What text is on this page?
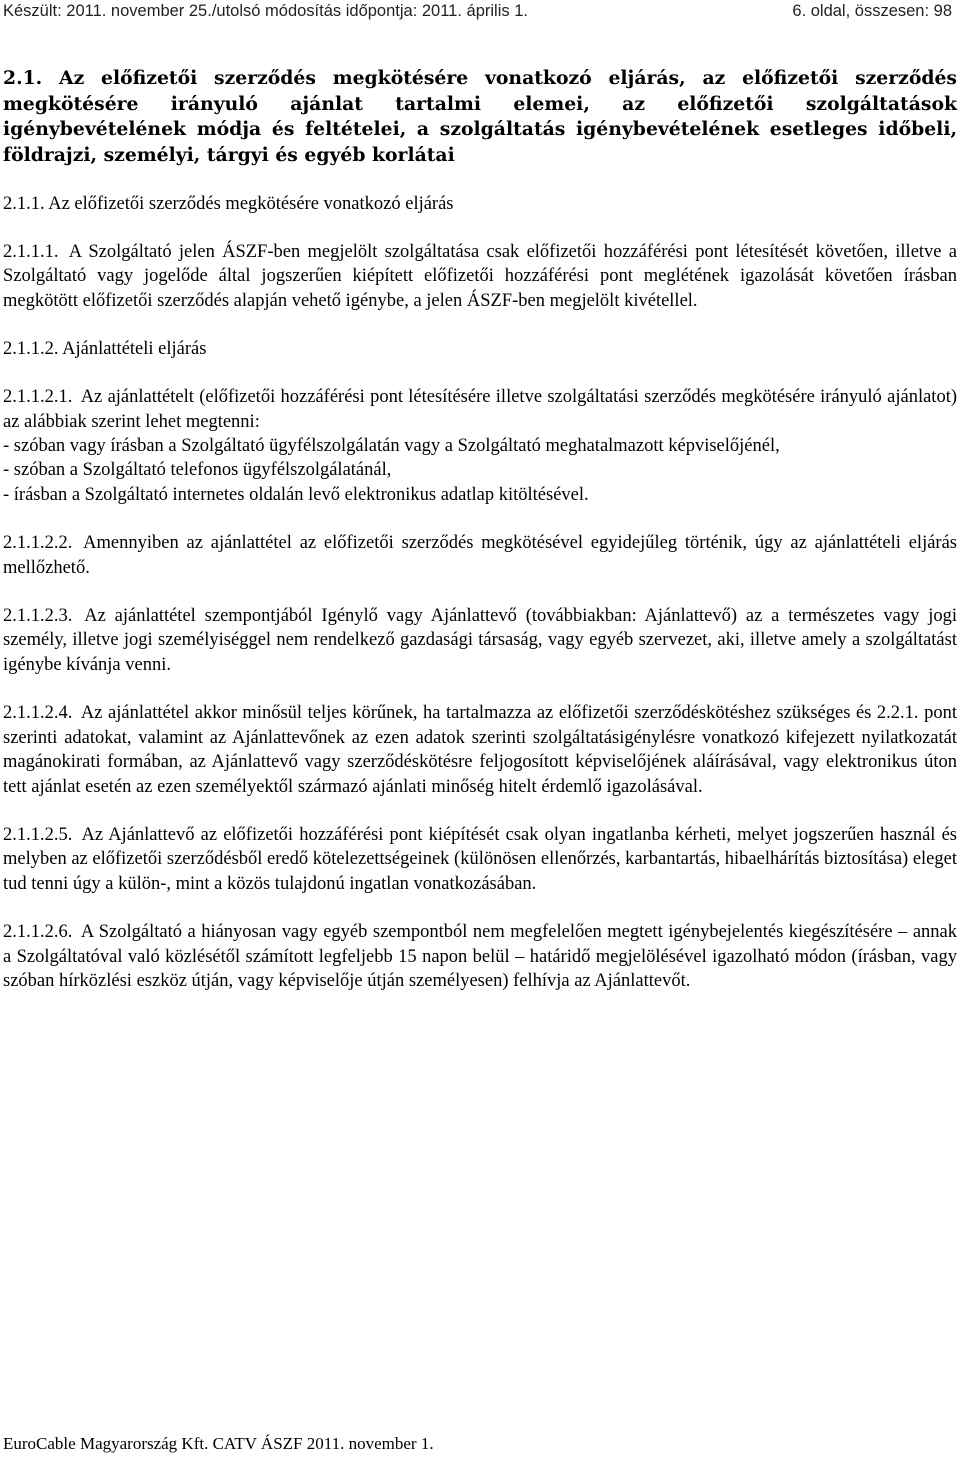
Készült: 2011. november 25./utolsó módosítás időpontja: 2011. április 1.	6. oldal, összesen: 98

2.1. Az előfizetői szerződés megkötésére vonatkozó eljárás, az előfizetői szerződés megkötésére irányuló ajánlat tartalmi elemei, az előfizetői szolgáltatások igénybevételének módja és feltételei, a szolgáltatás igénybevételének esetleges időbeli, földrajzi, személyi, tárgyi és egyéb korlátai

2.1.1. Az előfizetői szerződés megkötésére vonatkozó eljárás

2.1.1.1. A Szolgáltató jelen ÁSZF-ben megjelölt szolgáltatása csak előfizetői hozzáférési pont létesítését követően, illetve a Szolgáltató vagy jogelőde által jogszerűen kiépített előfizetői hozzáférési pont meglétének igazolását követően írásban megkötött előfizetői szerződés alapján vehető igénybe, a jelen ÁSZF-ben megjelölt kivétellel.

2.1.1.2. Ajánlattételi eljárás

2.1.1.2.1. Az ajánlattételt (előfizetői hozzáférési pont létesítésére illetve szolgáltatási szerződés megkötésére irányuló ajánlatot) az alábbiak szerint lehet megtenni:

- szóban vagy írásban a Szolgáltató ügyfélszolgálatán vagy a Szolgáltató meghatalmazott képviselőjénél,
- szóban a Szolgáltató telefonos ügyfélszolgálatánál,
- írásban a Szolgáltató internetes oldalán levő elektronikus adatlap kitöltésével.

2.1.1.2.2. Amennyiben az ajánlattétel az előfizetői szerződés megkötésével egyidejűleg történik, úgy az ajánlattételi eljárás mellőzhető.

2.1.1.2.3. Az ajánlattétel szempontjából Igénylő vagy Ajánlattevő (továbbiakban: Ajánlattevő) az a természetes vagy jogi személy, illetve jogi személyiséggel nem rendelkező gazdasági társaság, vagy egyéb szervezet, aki, illetve amely a szolgáltatást igénybe kívánja venni.

2.1.1.2.4. Az ajánlattétel akkor minősül teljes körűnek, ha tartalmazza az előfizetői szerződéskötéshez szükséges és 2.2.1. pont szerinti adatokat, valamint az Ajánlattevőnek az ezen adatok szerinti szolgáltatásigénylésre vonatkozó kifejezett nyilatkozatát magánokirati formában, az Ajánlattevő vagy szerződéskötésre feljogosított képviselőjének aláírásával, vagy elektronikus úton tett ajánlat esetén az ezen személyektől származó ajánlati minőség hitelt érdemlő igazolásával.

2.1.1.2.5. Az Ajánlattevő az előfizetői hozzáférési pont kiépítését csak olyan ingatlanba kérheti, melyet jogszerűen használ és melyben az előfizetői szerződésből eredő kötelezettségeinek (különösen ellenőrzés, karbantartás, hibaelhárítás biztosítása) eleget tud tenni úgy a külön-, mint a közös tulajdonú ingatlan vonatkozásában.

2.1.1.2.6. A Szolgáltató a hiányosan vagy egyéb szempontból nem megfelelően megtett igénybejelentés kiegészítésére – annak a Szolgáltatóval való közlésétől számított legfeljebb 15 napon belül – határidő megjelölésével igazolható módon (írásban, vagy szóban hírközlési eszköz útján, vagy képviselője útján személyesen) felhívja az Ajánlattevőt.

EuroCable Magyarország Kft. CATV ÁSZF 2011. november 1.
